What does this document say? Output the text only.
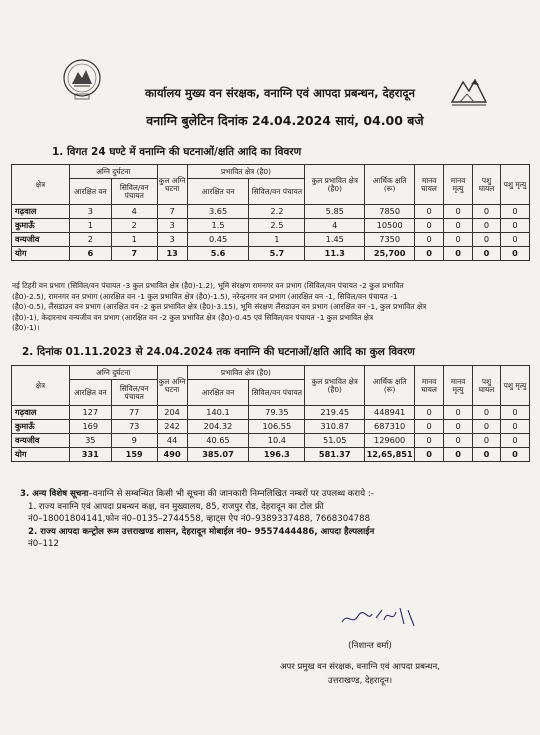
कार्यालय मुख्य वन संरक्षक, वनाग्नि एवं आपदा प्रबन्धन, देहरादून
वनाग्नि बुलेटिन दिनांक 24.04.2024 सायं, 04.00 बजे
1. विगत 24 घण्टे में वनाग्नि की घटनाओं/क्षति आदि का विवरण
क्षेत्र	अग्नि दुर्घटना		कुल अग्नि घटना	प्रभावित क्षेत्र (है0)		कुल प्रभावित क्षेत्र (है0)	आर्थिक क्षति (रू)	मानव घायल	मानव मृत्यु	पशु घायल	पशु मृत्यु
	आरक्षित वन	सिविल/वन पंचायत		आरक्षित वन	सिविल/वन पंचायत						
गढ़वाल	3	4	7	3.65	2.2	5.85	7850	0	0	0	0
कुमाऊँ	1	2	3	1.5	2.5	4	10500	0	0	0	0
वन्यजीव	2	1	3	0.45	1	1.45	7350	0	0	0	0
योग	6	7	13	5.6	5.7	11.3	25,700	0	0	0	0
नई टिहरी वन प्रभाग (सिविल/वन पंचायत -3 कुल प्रभावित क्षेत्र (है0)-1.2), भूमि संरक्षण रामनगर वन प्रभाग (सिविल/वन पंचायत -2 कुल प्रभावित
(है0)-2.5), रामनगर वन प्रभाग (आरक्षित वन -1 कुल प्रभावित क्षेत्र (है0)-1.5), नरेन्द्रनगर वन प्रभाग (आरक्षित वन -1, सिविल/वन पंचायत -1
(है0)-0.5), लैंसडाउन वन प्रभाग (आरक्षित वन -2 कुल प्रभावित क्षेत्र (है0)-3.15), भूमि संरक्षण लैंसडाउन वन प्रभाग (आरक्षित वन -1, कुल प्रभावित क्षेत्र
(है0)-1), केदारनाथ वन्यजीव वन प्रभाग (आरक्षित वन -2 कुल प्रभावित क्षेत्र (है0)-0.45 एवं सिविल/वन पंचायत -1 कुल प्रभावित क्षेत्र
(है0)-1)।
2. दिनांक 01.11.2023 से 24.04.2024 तक वनाग्नि की घटनाओं/क्षति आदि का कुल विवरण
क्षेत्र	अग्नि दुर्घटना		कुल अग्नि घटना	प्रभावित क्षेत्र (है0)		कुल प्रभावित क्षेत्र (है0)	आर्थिक क्षति (रू)	मानव घायल	मानव मृत्यु	पशु घायल	पशु मृत्यु
	आरक्षित वन	सिविल/वन पंचायत		आरक्षित वन	सिविल/वन पंचायत						
गढ़वाल	127	77	204	140.1	79.35	219.45	448941	0	0	0	0
कुमाऊँ	169	73	242	204.32	106.55	310.87	687310	0	0	0	0
वन्यजीव	35	9	44	40.65	10.4	51.05	129600	0	0	0	0
योग	331	159	490	385.07	196.3	581.37	12,65,851	0	0	0	0
3. अन्य विशेष सूचना–वनाग्नि से सम्बन्धित किसी भी सूचना की जानकारी निम्नलिखित नम्बरों पर उपलब्ध कराये :-
1. राज्य वनाग्नि एवं आपदा प्रबन्धन कक्ष, वन मुख्यालय, 85, राजपुर रोड, देहरादून का टोल फ्री
नं0–18001804141,फोन नं0–0135–2744558, व्हाट्स ऐप नं0–9389337488, 7668304788
2. राज्य आपदा कन्ट्रोल रूम उत्तराखण्ड शासन, देहरादून मोबाईल नं0– 9557444486, आपदा हैल्पलाईन
नं0–112
(निशान्त वर्मा)
अपर प्रमुख वन संरक्षक, वनाग्नि एवं आपदा प्रबन्धन,
उत्तराखण्ड, देहरादून।
